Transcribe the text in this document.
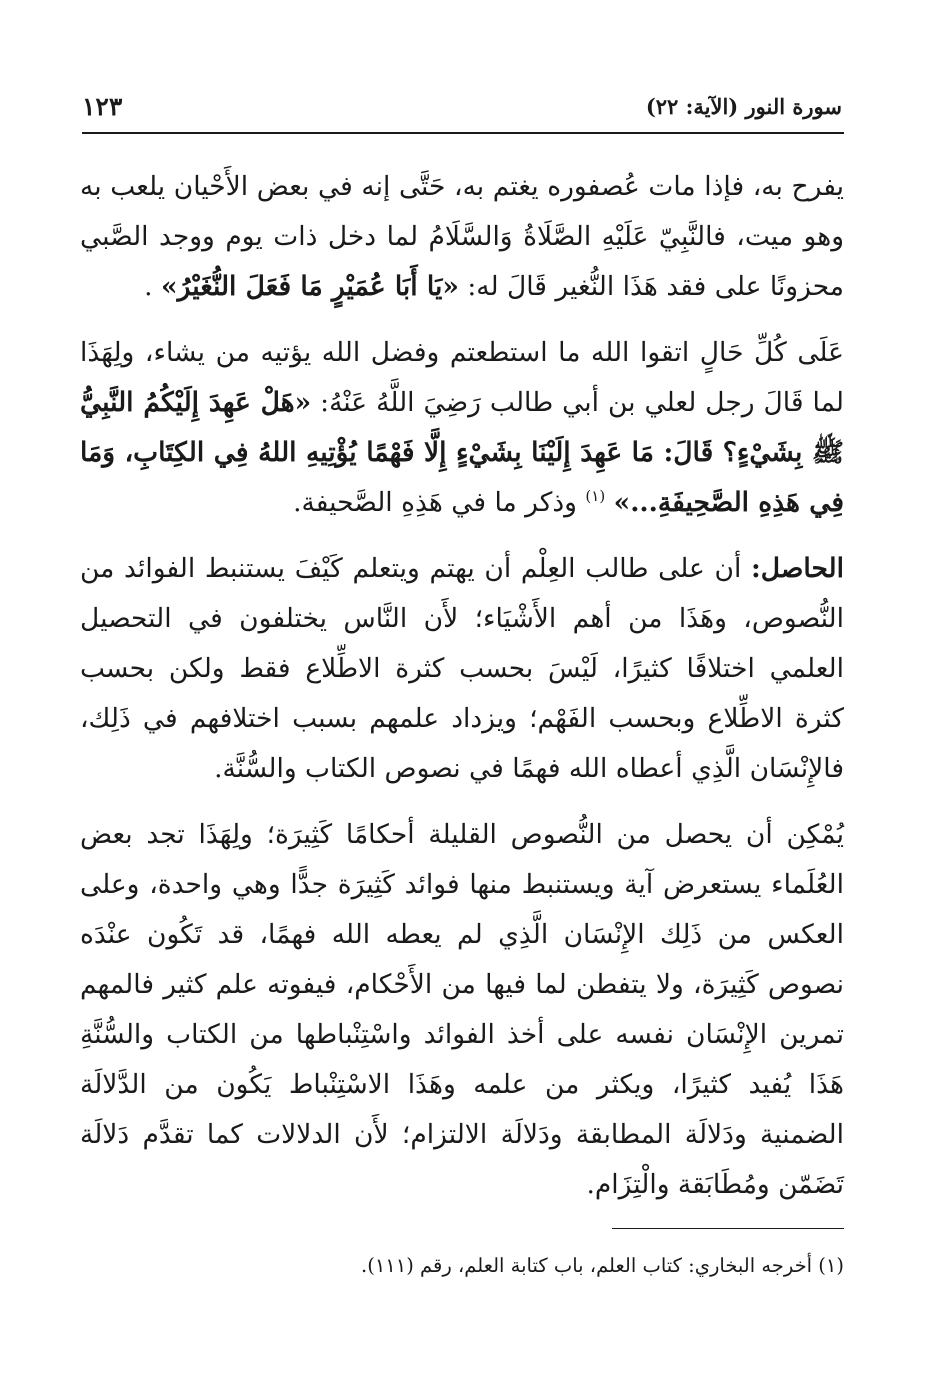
سورة النور (الآية: ٢٢)
١٢٣

يفرح به، فإذا مات عُصفوره يغتم به، حَتَّى إنه في بعض الأَحْيان يلعب به وهو ميت، فالنَّبِيّ عَلَيْهِ الصَّلَاةُ وَالسَّلَامُ لما دخل ذات يوم ووجد الصَّبي محزونًا على فقد هَذَا النُّغير قَالَ له: «يَا أَبَا عُمَيْرٍ مَا فَعَلَ النُّغَيْرُ» .

عَلَى كُلِّ حَالٍ اتقوا الله ما استطعتم وفضل الله يؤتيه من يشاء، ولِهَذَا لما قَالَ رجل لعلي بن أبي طالب رَضِيَ اللَّهُ عَنْهُ: «هَلْ عَهِدَ إِلَيْكُمُ النَّبِيُّ ﷺ بِشَيْءٍ؟ قَالَ: مَا عَهِدَ إِلَيْنَا بِشَيْءٍ إِلَّا فَهْمًا يُؤْتِيهِ اللهُ فِي الكِتَابِ، وَمَا فِي هَذِهِ الصَّحِيفَةِ...» $^{(١)}$ وذكر ما في هَذِهِ الصَّحيفة.

الحاصل: أن على طالب العِلْم أن يهتم ويتعلم كَيْفَ يستنبط الفوائد من النُّصوص، وهَذَا من أهم الأَشْيَاء؛ لأَن النَّاس يختلفون في التحصيل العلمي اختلافًا كثيرًا، لَيْسَ بحسب كثرة الاطِّلاع فقط ولكن بحسب كثرة الاطِّلاع وبحسب الفَهْم؛ ويزداد علمهم بسبب اختلافهم في ذَلِك، فالإِنْسَان الَّذِي أعطاه الله فهمًا في نصوص الكتاب والسُّنَّة.

يُمْكِن أن يحصل من النُّصوص القليلة أحكامًا كَثِيرَة؛ ولِهَذَا تجد بعض العُلَماء يستعرض آية ويستنبط منها فوائد كَثِيرَة جدًّا وهي واحدة، وعلى العكس من ذَلِك الإِنْسَان الَّذِي لم يعطه الله فهمًا، قد تَكُون عنْدَه نصوص كَثِيرَة، ولا يتفطن لما فيها من الأَحْكام، فيفوته علم كثير فالمهم تمرين الإِنْسَان نفسه على أخذ الفوائد واسْتِنْباطها من الكتاب والسُّنَّةِ هَذَا يُفيد كثيرًا، ويكثر من علمه وهَذَا الاسْتِنْباط يَكُون من الدَّلالَة الضمنية ودَلالَة المطابقة ودَلالَة الالتزام؛ لأَن الدلالات كما تقدَّم دَلالَة تَضَمّن ومُطَابَقة والْتِزَام.

(١) أخرجه البخاري: كتاب العلم، باب كتابة العلم، رقم (١١١).
